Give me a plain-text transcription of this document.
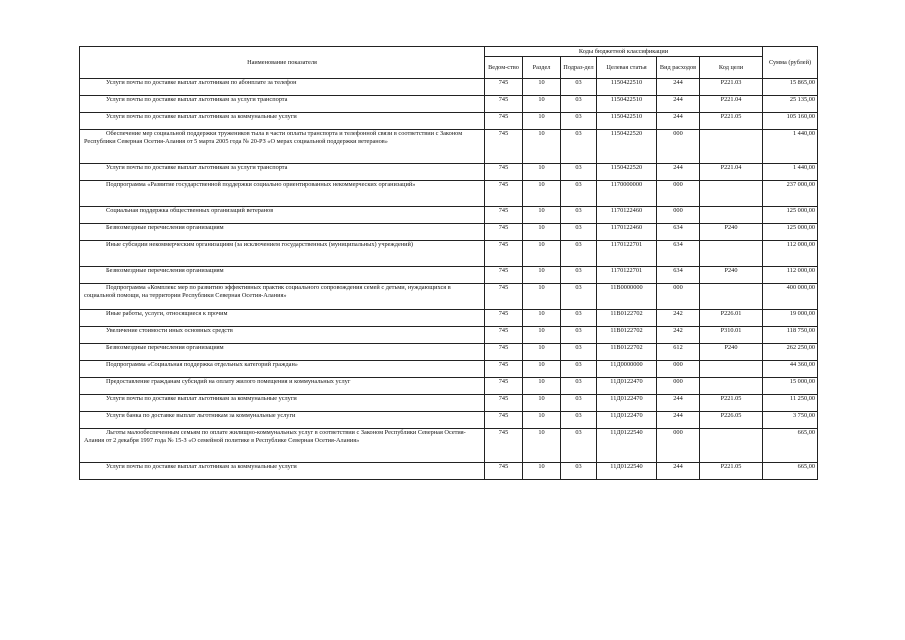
Наименование показателя	Коды бюджетной классификации						Сумма (рублей)
	Ведом-ство	Раздел	Подраз-дел	Целевая статья	Вид расходов	Код цели	
Услуги почты по доставке выплат льготникам по абонплате за телефон	745	10	03	1150422510	244	Р221.03	15 865,00
Услуги почты по доставке выплат льготникам за услуги транспорта	745	10	03	1150422510	244	Р221.04	25 135,00
Услуги почты по доставке выплат льготникам за коммунальные услуги	745	10	03	1150422510	244	Р221.05	105 160,00
Обеспечение мер социальной поддержки тружеников тыла в части оплаты транспорта и телефонной связи в соответствии с Законом Республики Северная Осетия-Алания от 5 марта 2005 года № 20-РЗ «О мерах социальной поддержки ветеранов»	745	10	03	1150422520	000		1 440,00
Услуги почты по доставке выплат льготникам за услуги транспорта	745	10	03	1150422520	244	Р221.04	1 440,00
Подпрограмма «Развитие государственной поддержки социально ориентированных некоммерческих организаций»	745	10	03	1170000000	000		237 000,00
Социальная поддержка общественных организаций ветеранов	745	10	03	1170122460	000		125 000,00
Безвозмездные перечисления организациям	745	10	03	1170122460	634	Р240	125 000,00
Иные субсидии некоммерческим организациям (за исключением государственных (муниципальных) учреждений)	745	10	03	1170122701	634		112 000,00
Безвозмездные перечисления организациям	745	10	03	1170122701	634	Р240	112 000,00
Подпрограмма «Комплекс мер по развитию эффективных практик социального сопровождения семей с детьми, нуждающихся в социальной помощи, на территории Республики Северная Осетия-Алания»	745	10	03	11В0000000	000		400 000,00
Иные работы, услуги, относящиеся к прочим	745	10	03	11В0122702	242	Р226.01	19 000,00
Увеличение стоимости иных основных средств	745	10	03	11В0122702	242	Р310.01	118 750,00
Безвозмездные перечисления организациям	745	10	03	11В0122702	612	Р240	262 250,00
Подпрограмма «Социальная поддержка отдельных категорий граждан»	745	10	03	11Д0000000	000		44 360,00
Предоставление гражданам субсидий на оплату жилого помещения и коммунальных услуг	745	10	03	11Д0122470	000		15 000,00
Услуги почты по доставке выплат льготникам за коммунальные услуги	745	10	03	11Д0122470	244	Р221.05	11 250,00
Услуги банка по доставке выплат льготникам за коммунальные услуги	745	10	03	11Д0122470	244	Р226.05	3 750,00
Льготы малообеспеченным семьям по оплате жилищно-коммунальных услуг в соответствии с Законом Республики Северная Осетия-Алания от 2 декабря 1997 года № 15-З «О семейной политике в Республике Северная Осетия-Алания»	745	10	03	11Д0122540	000		665,00
Услуги почты по доставке выплат льготникам за коммунальные услуги	745	10	03	11Д0122540	244	Р221.05	665,00
